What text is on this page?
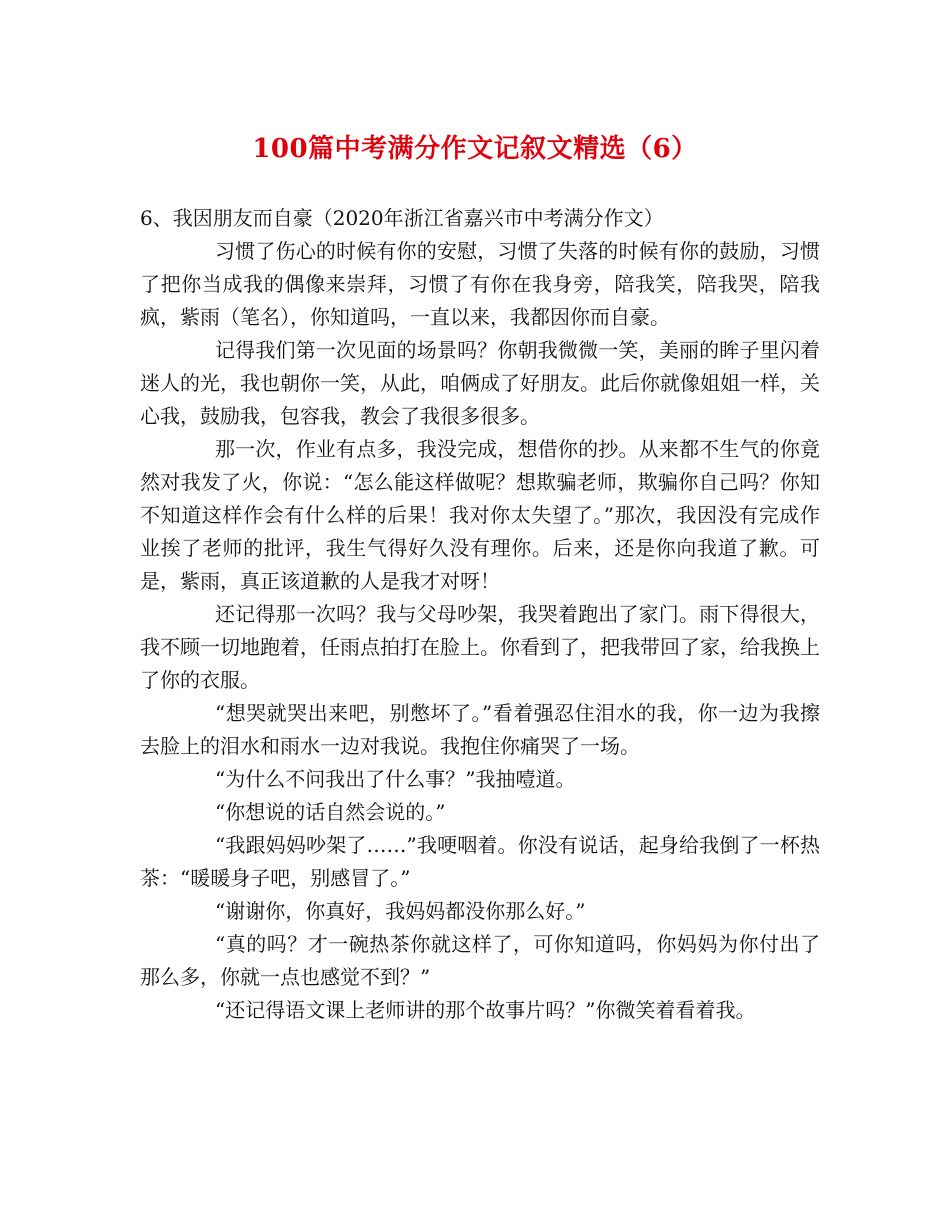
100篇中考满分作文记叙文精选（6）

6、我因朋友而自豪（2020年浙江省嘉兴市中考满分作文）

习惯了伤心的时候有你的安慰，习惯了失落的时候有你的鼓励，习惯了把你当成我的偶像来崇拜，习惯了有你在我身旁，陪我笑，陪我哭，陪我疯，紫雨（笔名），你知道吗，一直以来，我都因你而自豪。

记得我们第一次见面的场景吗？你朝我微微一笑，美丽的眸子里闪着迷人的光，我也朝你一笑，从此，咱俩成了好朋友。此后你就像姐姐一样，关心我，鼓励我，包容我，教会了我很多很多。

那一次，作业有点多，我没完成，想借你的抄。从来都不生气的你竟然对我发了火，你说：“怎么能这样做呢？想欺骗老师，欺骗你自己吗？你知不知道这样作会有什么样的后果！我对你太失望了。”那次，我因没有完成作业挨了老师的批评，我生气得好久没有理你。后来，还是你向我道了歉。可是，紫雨，真正该道歉的人是我才对呀！

还记得那一次吗？我与父母吵架，我哭着跑出了家门。雨下得很大，我不顾一切地跑着，任雨点拍打在脸上。你看到了，把我带回了家，给我换上了你的衣服。

“想哭就哭出来吧，别憋坏了。”看着强忍住泪水的我，你一边为我擦去脸上的泪水和雨水一边对我说。我抱住你痛哭了一场。

“为什么不问我出了什么事？”我抽噎道。

“你想说的话自然会说的。”

“我跟妈妈吵架了……”我哽咽着。你没有说话，起身给我倒了一杯热茶：“暖暖身子吧，别感冒了。”

“谢谢你，你真好，我妈妈都没你那么好。”

“真的吗？才一碗热茶你就这样了，可你知道吗，你妈妈为你付出了那么多，你就一点也感觉不到？”

“还记得语文课上老师讲的那个故事片吗？”你微笑着看着我。
